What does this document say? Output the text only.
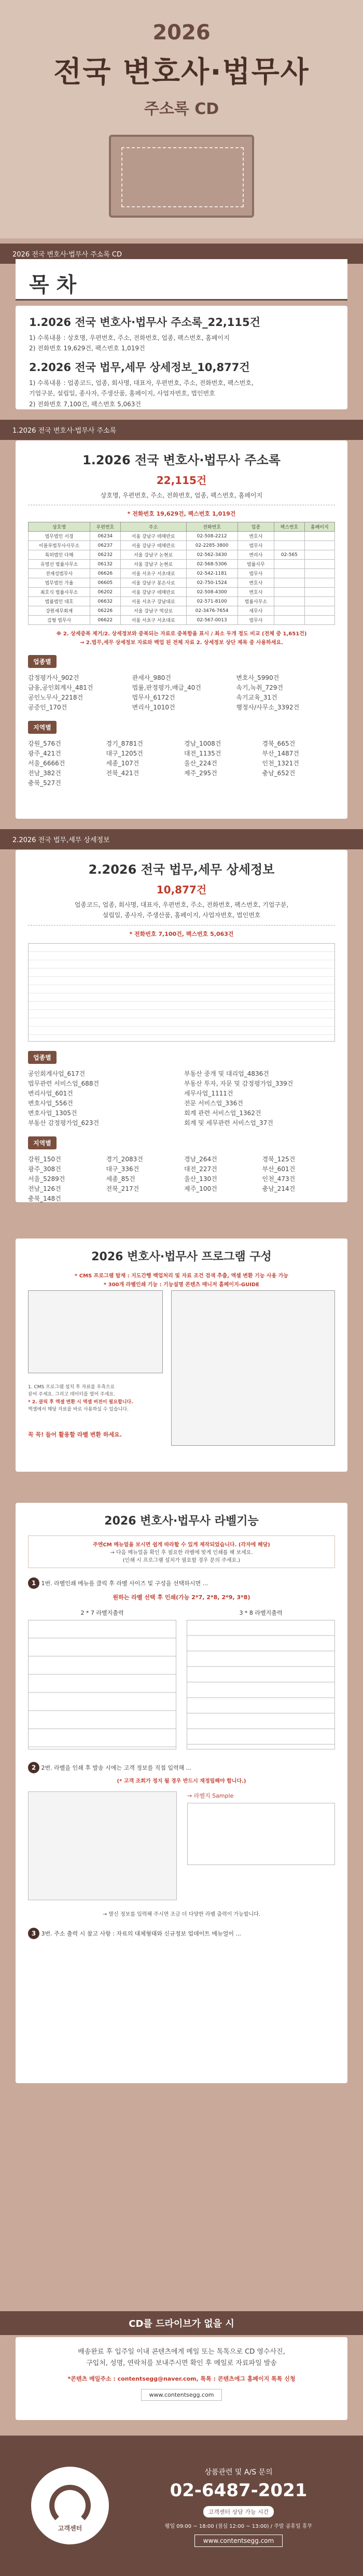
2026
전국 변호사·법무사
주소록 CD
2026 전국 변호사·법무사 주소록 CD
목 차
1.2026 전국 변호사·법무사 주소록_22,115건
1) 수록내용 : 상호명, 우편번호, 주소, 전화번호, 업종, 팩스번호, 홈페이지
2) 전화번호 19,629건, 팩스번호 1,019건
2.2026 전국 법무,세무 상세정보_10,877건
1) 수록내용 : 업종코드, 업종, 회사명, 대표자, 우편번호, 주소, 전화번호, 팩스번호,
기업구분, 설립일, 종사자, 주생산품, 홈페이지, 사업자번호, 법인번호
2) 전화번호 7,100건, 팩스번호 5,063건
1.2026 전국 변호사·법무사 주소록
1.2026 전국 변호사·법무사 주소록
22,115건
상호명, 우편번호, 주소, 전화번호, 업종, 팩스번호, 홈페이지
* 전화번호 19,629건, 팩스번호 1,019건
상호명	우편번호	주소	전화번호	업종	팩스번호	홈페이지
법무법인 서경	06234	서울 강남구 테헤란로	02-508-2212	변호사		
이블루법무사사무소	06237	서울 강남구 테헤란로	02-2285-3800	법무사		
특허법인 다해	06232	서울 강남구 논현로	02-562-3430	변리사	02-565	
유영선 법률사무소	06132	서울 강남구 논현로	02-568-5306	법률사무		
전재성법무사	06626	서울 서초구 서초대로	02-542-1181	법무사		
법무법인 가율	06605	서울 강남구 봉은사로	02-750-1524	변호사		
최호식 법률사무소	06202	서울 강남구 테헤란로	02-508-4300	변호사		
법률법인 대호	06632	서울 서초구 강남대로	02-571-8100	법률사무소		
강원세무회계	06226	서울 강남구 역삼로	02-3476-7654	세무사		
김형 법무사	06622	서울 서초구 서초대로	02-567-0013	법무사		
※ 2. 상세중복 제거/2. 상세정보와 중복되는 자료로 중복함을 표시 / 최소 두개 정도 비교 (전체 중 1,651건)
→ 2.법무,세무 상세정보 자료와 백업 된 전체 자료 2. 상세정보 상단 제목 중 사용하세요.
업종별
감정평가사_902건	관세사_980건	변호사_5990건
금융,공인회계사_481건	법률,판정평가,배급_40건	속기,녹취_729건
공인노무사_2218건	법무사_6172건	속기교육_31건
공증인_170건	변리사_1010건	행정사/사무소_3392건
지역별
강원_576건	경기_8781건	경남_1008건	경북_665건
광주_421건	대구_1205건	대전_1135건	부산_1487건
서울_6666건	세종_107건	울산_224건	인천_1321건
전남_382건	전북_421건	제주_295건	충남_652건
충북_527건
2.2026 전국 법무,세무 상세정보
2.2026 전국 법무,세무 상세정보
10,877건
업종코드, 업종, 회사명, 대표자, 우편번호, 주소, 전화번호, 팩스번호, 기업구분,
설립일, 종사자, 주생산품, 홈페이지, 사업자번호, 법인번호
* 전화번호 7,100건, 팩스번호 5,063건
업종별
공인회계사업_617건	부동산 중개 및 대리업_4836건
법무관련 서비스업_688건	부동산 투자, 자문 및 감정평가업_339건
변리사업_601건	세무사업_1111건
변호사업_556건	전문 서비스업_336건
변호사업_1305건	회계 관련 서비스업_1362건
부동산 감정평가업_623건	회계 및 세무관련 서비스업_37건
지역별
강원_150건	경기_2083건	경남_264건	경북_125건
광주_308건	대구_336건	대전_227건	부산_601건
서울_5289건	세종_85건	울산_130건	인천_473건
전남_126건	전북_217건	제주_100건	충남_214건
충북_148건
2026 변호사·법무사 프로그램 구성
* CMS 프로그램 탑재 : 지도간행 백업처리 및 자료 조건 검색 추출, 엑셀 변환 기능 사용 가능
* 300개 라벨인쇄 기능 : 기능설명 콘텐츠 매니저 홈페이지-GUIDE
1. CMS 프로그램 설치 후 자료를 우측으로
끌어 주세요. 그리고 데이터를 열어 주세요.
* 2. 클릭 후 엑셀 변환 시 엑셀 버전이 필요합니다.
엑셀에서 해당 자료를 바로 사용하실 수 있습니다.
꼭 꼭! 들어 활용할 라벨 변환 하세요.
2026 변호사·법무사 라벨기능
주엔CM 메뉴얼을 보시면 쉽게 따라할 수 있게 제작되었습니다. (각자에 해당)
→ 다음 메뉴얼을 확인 후 필요한 라벨에 맞게 인쇄를 해 보세요.
(인쇄 시 프로그램 설치가 필요할 경우 문의 주세요.)
1 1번. 라벨인쇄 메뉴를 클릭 후 라벨 사이즈 및 구성을 선택하시면 ...
원하는 라벨 선택 후 인쇄(가능 2*7, 2*8, 2*9, 3*8)
2 * 7 라벨지출력	3 * 8 라벨지출력
2 2번. 라벨을 인쇄 후 발송 시에는 고객 정보를 직접 입력해 ...
(* 고객 조회가 정지 될 경우 반드시 재정립해야 합니다.)
→ 라벨지 Sample
→ 발신 정보를 입력해 주시면 조금 더 다양한 라벨 출력이 가능합니다.
3 3번. 주소 출력 시 참고 사항 : 자료의 대체형태와 신규정보 업데이트 메뉴얼이 ...
CD를 드라이브가 없을 시
배송완료 후 입주일 이내 콘텐츠에게 메일 또는 톡톡으로 CD 영수사진,
구입처, 성명, 연락처를 보내주시면 확인 후 메일로 자료파일 발송
*콘텐츠 메일주소 : contentsegg@naver.com, 톡톡 : 콘텐츠에그 홈페이지 톡톡 신청
www.contentsegg.com
고객센터
상품관련 및 A/S 문의
02-6487-2021
고객센터 상담 가능 시간
평일 09:00 ~ 18:00 (점심 12:00 ~ 13:00) / 주말 공휴일 휴무
www.contentsegg.com
